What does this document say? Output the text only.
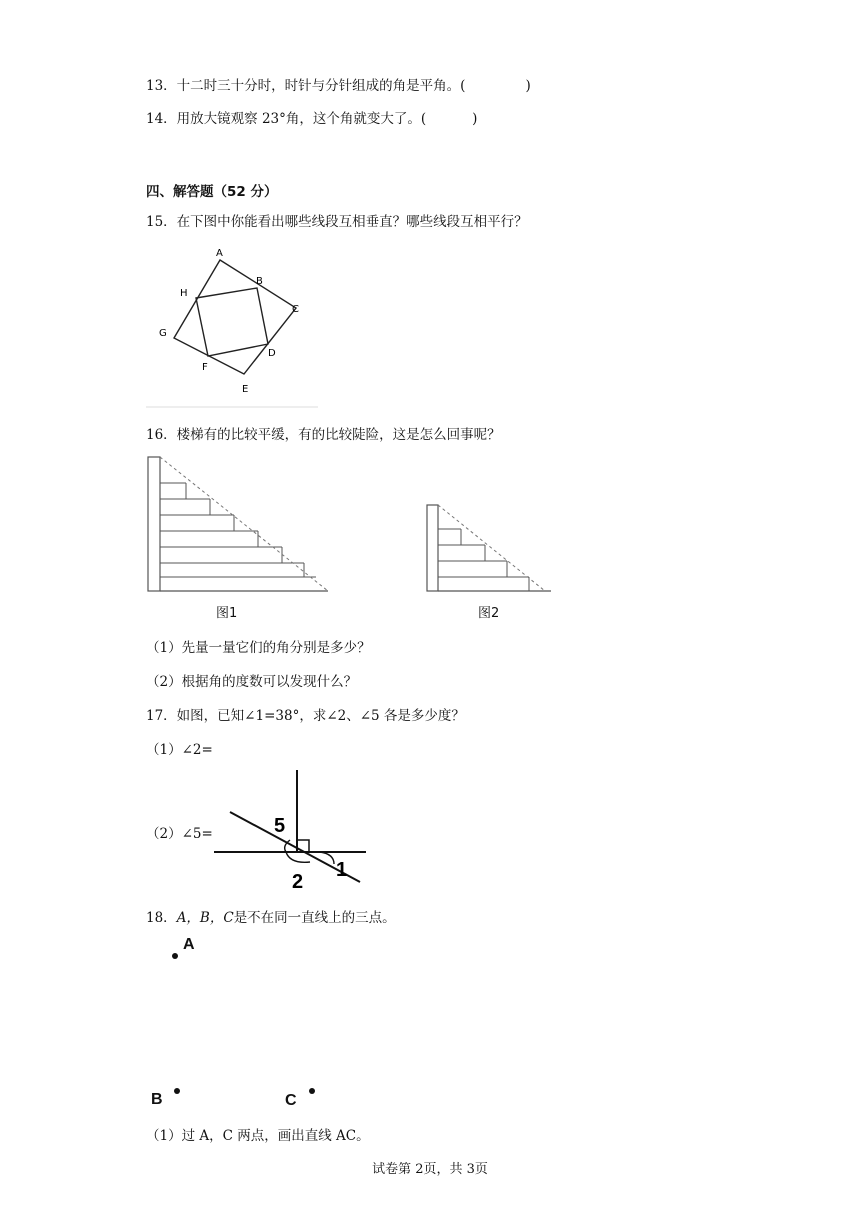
13．十二时三十分时，时针与分针组成的角是平角。(	)
14．用放大镜观察 23°角，这个角就变大了。(	)
四、解答题（52 分）
15．在下图中你能看出哪些线段互相垂直？哪些线段互相平行？
A
B
C
D
E
F
G
H
16．楼梯有的比较平缓，有的比较陡险，这是怎么回事呢？
图1	图2
（1）先量一量它们的角分别是多少？
（2）根据角的度数可以发现什么？
17．如图，已知∠1=38°，求∠2、∠5 各是多少度？
（1）∠2=
（2）∠5=	5
1
2
18．A，B，C是不在同一直线上的三点。
A
B	C
（1）过 A，C 两点，画出直线 AC。
试卷第 2页，共 3页
